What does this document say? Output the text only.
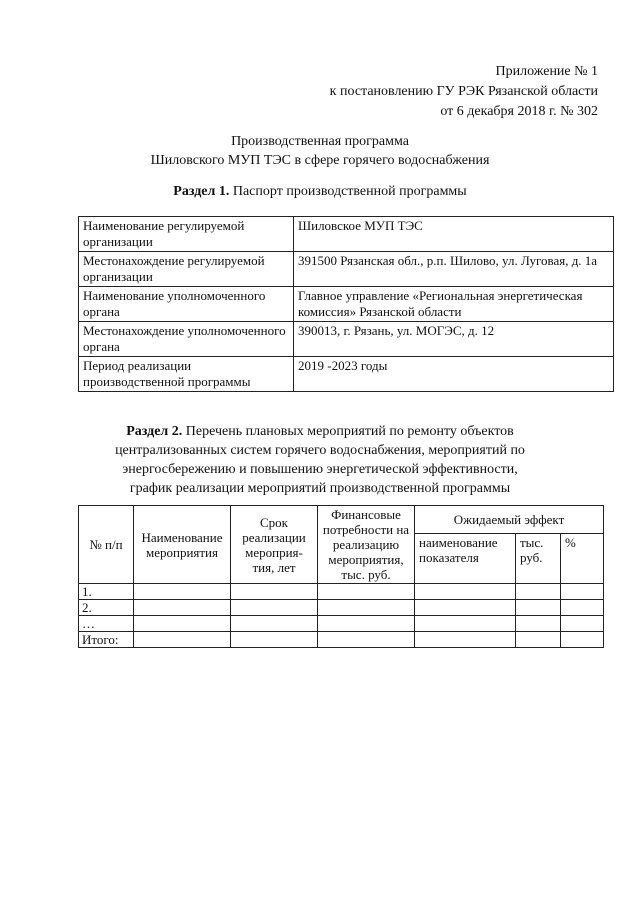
Приложение № 1
к постановлению ГУ РЭК Рязанской области
от 6 декабря 2018 г. № 302
Производственная программа
Шиловского МУП ТЭС в сфере горячего водоснабжения
Раздел 1. Паспорт производственной программы
Наименование регулируемой организации	Шиловское МУП ТЭС
Местонахождение регулируемой организации	391500 Рязанская обл., р.п. Шилово, ул. Луговая, д. 1а
Наименование уполномоченного органа	Главное управление «Региональная энергетическая комиссия» Рязанской области
Местонахождение уполномоченного органа	390013, г. Рязань, ул. МОГЭС, д. 12
Период реализации производственной программы	2019 -2023 годы
Раздел 2. Перечень плановых мероприятий по ремонту объектов централизованных систем горячего водоснабжения, мероприятий по энергосбережению и повышению энергетической эффективности, график реализации мероприятий производственной программы
№ п/п	Наименование мероприятия	Срок реализации мероприя-тия, лет	Финансовые потребности на реализацию мероприятия, тыс. руб.	Ожидаемый эффект		
				наименование показателя	тыс. руб.	%
1.						
2.						
…						
Итого:						
